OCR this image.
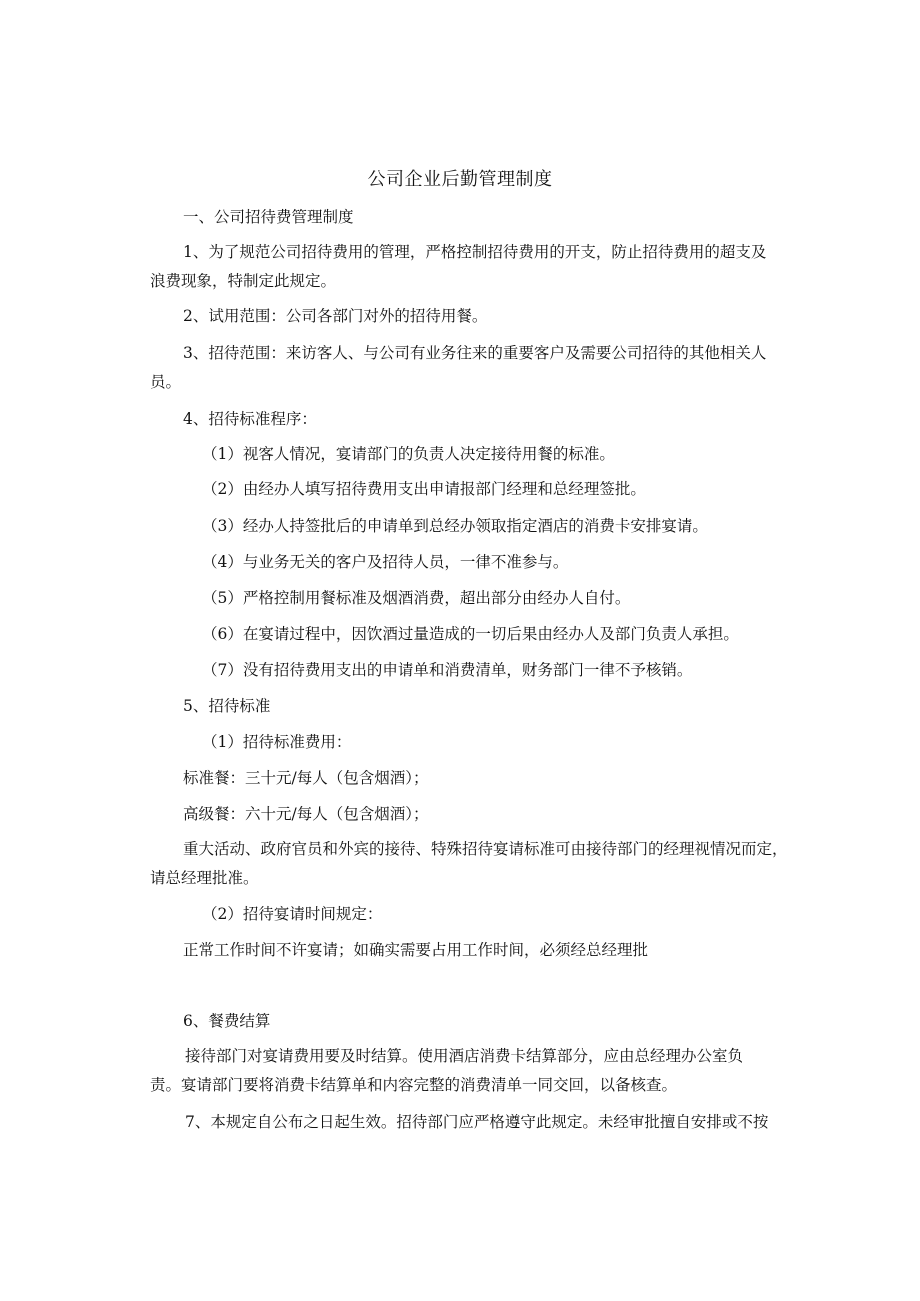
公司企业后勤管理制度
一、公司招待费管理制度
1、为了规范公司招待费用的管理，严格控制招待费用的开支，防止招待费用的超支及
浪费现象，特制定此规定。
2、试用范围：公司各部门对外的招待用餐。
3、招待范围：来访客人、与公司有业务往来的重要客户及需要公司招待的其他相关人
员。
4、招待标准程序：
（1）视客人情况，宴请部门的负责人决定接待用餐的标准。
（2）由经办人填写招待费用支出申请报部门经理和总经理签批。
（3）经办人持签批后的申请单到总经办领取指定酒店的消费卡安排宴请。
（4）与业务无关的客户及招待人员，一律不准参与。
（5）严格控制用餐标准及烟酒消费，超出部分由经办人自付。
（6）在宴请过程中，因饮酒过量造成的一切后果由经办人及部门负责人承担。
（7）没有招待费用支出的申请单和消费清单，财务部门一律不予核销。
5、招待标准
（1）招待标准费用：
标准餐：三十元/每人（包含烟酒）；
高级餐：六十元/每人（包含烟酒）；
重大活动、政府官员和外宾的接待、特殊招待宴请标准可由接待部门的经理视情况而定，
请总经理批准。
（2）招待宴请时间规定：
正常工作时间不许宴请；如确实需要占用工作时间，必须经总经理批
6、餐费结算
接待部门对宴请费用要及时结算。使用酒店消费卡结算部分，应由总经理办公室负
责。宴请部门要将消费卡结算单和内容完整的消费清单一同交回，以备核查。
7、本规定自公布之日起生效。招待部门应严格遵守此规定。未经审批擅自安排或不按
